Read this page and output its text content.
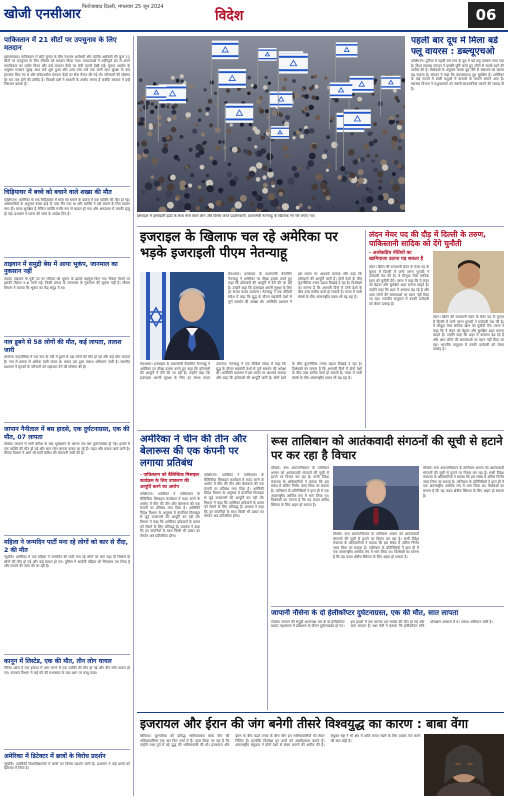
खोजी एनसीआर फिरोजाबाद दिल्ली, मंगलवार 25 जून 2024
विदेश	06
पाकिस्तान में 21 सीटों पर उपचुनाव के लिए मतदान
इस्लामाबाद। पाकिस्तान में छोटे चुनाव के बीच नेशनल असेंबली और प्रांतीय असेंबली की कुल 21 सीटों पर उपचुनाव के लिए रविवार को मतदान किया गया। मतदाताओं ने शांतिपूर्ण ढंग से अपने मताधिकार का प्रयोग किया और कई मतदान केंद्रों पर लंबी कतारें देखी गईं। चुनाव आयोग के अनुसार मतदान सुबह आठ बजे शुरू हुआ और शाम पांच बजे तक जारी रहा। सुरक्षा के कड़े इंतजाम किए गए थे और संवेदनशील मतदान केंद्रों पर सेना तैनात की गई थी। परिणामों की घोषणा देर रात तक होने की उम्मीद है। विपक्षी दलों ने धांधली के आरोप लगाए हैं जबकि सरकार ने इन्हें निराधार बताया है।
चिड़ियाघर में बच्चे को बचाने वाले शख्स की मौत
वाशिंगटन। अमेरिका के एक चिड़ियाघर में बच्चे को बचाने के प्रयास में एक व्यक्ति की मौत हो गई। अधिकारियों के अनुसार बच्चा बाड़े के पास गिर गया था और व्यक्ति ने उसे बचाने के लिए छलांग लगा दी। बच्चा सुरक्षित है लेकिन व्यक्ति गंभीर रूप से घायल हो गया और अस्पताल में उसकी मृत्यु हो गई। प्रशासन ने घटना की जांच के आदेश दिए हैं।
ताइवान में समुद्री बेस में आया भूकंप, जानमाल का नुकसान नहीं
ताइपे। ताइवान के पूर्वी तट पर रविवार को भूकंप के झटके महसूस किए गए। रिक्टर पैमाने पर इसकी तीव्रता 5.8 मापी गई। किसी प्रकार के जानमाल के नुकसान की सूचना नहीं है। मौसम विभाग ने बताया कि भूकंप का केंद्र समुद्र में था।
नाव डूबने से 58 लोगों की मौत, कई लापता, तलाश जारी
लागोस। नाइजीरिया में एक नाव के नदी में डूबने से 58 लोगों की मौत हो गई और कई लोग लापता हैं। नाव में क्षमता से अधिक यात्री सवार थे। बचाव दल द्वारा तलाश अभियान जारी है। स्थानीय प्रशासन ने मृतकों के परिजनों को सहायता देने की घोषणा की है।
जापान नैनीताल में बस हादसे, एक दुर्घटनाग्रस्त, एक की मौत, 07 लापता
टोक्यो। जापान में भारी बारिश के बाद भूस्खलन के कारण एक बस दुर्घटनाग्रस्त हो गई। हादसे में एक व्यक्ति की मौत हो गई और सात लोग लापता बताए जा रहे हैं। राहत और बचाव कार्य जारी है। मौसम विभाग ने आगे भी भारी बारिश की चेतावनी जारी की है।
महिला ने जन्मदिन पार्टी मना रहे लोगों को कार से रौंदा, 2 की मौत
न्यूयॉर्क। अमेरिका में एक महिला ने जन्मदिन की पार्टी मना रहे लोगों पर कार चढ़ा दी जिससे दो लोगों की मौत हो गई और कई घायल हो गए। पुलिस ने आरोपी महिला को गिरफ्तार कर लिया है और मामले की जांच की जा रही है।
कानून में लिस्टेड, एक की मौत, तीन लोग घायल
पेरिस। फ्रांस में एक इमारत में आग लगने से एक व्यक्ति की मौत हो गई और तीन लोग घायल हो गए। दमकल विभाग ने कई घंटे की मशक्कत के बाद आग पर काबू पाया।
अमेरिका में डिटेक्टर में छात्रों के विरोध प्रदर्शन
न्यूयॉर्क। अमेरिकी विश्वविद्यालयों में छात्रों का विरोध प्रदर्शन जारी है। प्रशासन ने कई छात्रों को हिरासत में लिया है।
इसराइल में इसराइली झंडों के साथ मार्च करते लोग और विरोध करते प्रदर्शनकारी, प्रधानमंत्री नेतन्याहू के खिलाफ भी नारे लगाए गए।
पहली बार दूध में मिला बर्ड फ्लू वायरस : डब्ल्यूएचओ
वाशिंगटन। दुनिया में पहली बार गाय के दूध में बर्ड फ्लू वायरस पाया गया है। विश्व स्वास्थ्य संगठन ने इसकी पुष्टि करते हुए लोगों से सतर्क रहने की अपील की है। विशेषज्ञों के अनुसार कच्चा दूध पीने से संक्रमण का खतरा बढ़ सकता है। संगठन ने कहा कि पाश्चराइज्ड दूध सुरक्षित है। अमेरिका के कई राज्यों में डेयरी पशुओं में वायरस के मामले सामने आए हैं। स्वास्थ्य विभाग ने पशुपालकों को जरूरी सावधानियां बरतने की सलाह दी है।
इजराइल के खिलाफ चल रहे अमेरिका पर भड़के इजराइली पीएम नेतन्याहू
येरुशलम। इजराइल के प्रधानमंत्री बेंजामिन नेतन्याहू ने अमेरिका पर तीखा हमला करते हुए कहा कि हथियारों की आपूर्ति में देरी की जा रही है। उन्होंने कहा कि इजराइल अपनी सुरक्षा के लिए हर संभव कदम उठाएगा। नेतन्याहू ने एक वीडियो संदेश में कहा कि युद्ध के दौरान सहयोगी देशों से पूर्ण समर्थन की अपेक्षा थी। अमेरिकी प्रशासन ने इस बयान पर आश्चर्य जताया और कहा कि हथियारों की आपूर्ति जारी है। दोनों देशों के बीच कूटनीतिक तनाव बढ़ता दिखाई दे रहा है। विशेषज्ञों का मानना है कि आगामी दिनों में दोनों देशों के बीच उच्च स्तरीय वार्ता हो सकती है। गाजा में जारी संघर्ष के बीच अंतरराष्ट्रीय दबाव भी बढ़ रहा है।
येरुशलम। इजराइल के प्रधानमंत्री बेंजामिन नेतन्याहू ने अमेरिका पर तीखा हमला करते हुए कहा कि हथियारों की आपूर्ति में देरी की जा रही है। उन्होंने कहा कि इजराइल अपनी सुरक्षा के लिए हर संभव कदम उठाएगा। नेतन्याहू ने एक वीडियो संदेश में कहा कि युद्ध के दौरान सहयोगी देशों से पूर्ण समर्थन की अपेक्षा थी। अमेरिकी प्रशासन ने इस बयान पर आश्चर्य जताया और कहा कि हथियारों की आपूर्ति जारी है। दोनों देशों के बीच कूटनीतिक तनाव बढ़ता दिखाई दे रहा है। विशेषज्ञों का मानना है कि आगामी दिनों में दोनों देशों के बीच उच्च स्तरीय वार्ता हो सकती है। गाजा में जारी संघर्ष के बीच अंतरराष्ट्रीय दबाव भी बढ़ रहा है।
लंदन मेयर पद की दौड़ में दिल्ली के तरुण, पाकिस्तानी सादिक को देंगे चुनौती
- अलोकप्रिय नीतियों का खामियाजा उठाना पड़ सकता है
लंदन। ब्रिटेन की राजधानी लंदन के मेयर पद के चुनाव में दिल्ली में जन्मे तरुण गुलाटी ने दावेदारी पेश की है। वे मौजूदा मेयर सादिक खान को चुनौती देंगे। तरुण ने कहा कि वे लंदन को बेहतर और सुरक्षित शहर बनाना चाहते हैं। उन्होंने कहा कि शहर में अपराध बढ़ रहे हैं और आम लोगों की समस्याओं पर ध्यान नहीं दिया जा रहा। भारतीय समुदाय में उनकी दावेदारी को लेकर उत्साह है।
लंदन। ब्रिटेन की राजधानी लंदन के मेयर पद के चुनाव में दिल्ली में जन्मे तरुण गुलाटी ने दावेदारी पेश की है। वे मौजूदा मेयर सादिक खान को चुनौती देंगे। तरुण ने कहा कि वे लंदन को बेहतर और सुरक्षित शहर बनाना चाहते हैं। उन्होंने कहा कि शहर में अपराध बढ़ रहे हैं और आम लोगों की समस्याओं पर ध्यान नहीं दिया जा रहा। भारतीय समुदाय में उनकी दावेदारी को लेकर उत्साह है।
अमेरिका ने चीन की तीन और बेलारूस की एक कंपनी पर लगाया प्रतिबंध
- पाकिस्तान को बैलिस्टिक मिसाइल कार्यक्रम के लिए उपकरण की आपूर्ति करने का आरोप
वाशिंगटन। अमेरिका ने पाकिस्तान के बैलिस्टिक मिसाइल कार्यक्रम में मदद करने के आरोप में चीन की तीन और बेलारूस की एक कंपनी पर प्रतिबंध लगा दिया है। अमेरिकी विदेश विभाग के अनुसार ये कंपनियां मिसाइल से जुड़े उपकरणों की आपूर्ति कर रही थीं। विभाग ने कहा कि अमेरिका हथियारों के प्रसार को रोकने के लिए प्रतिबद्ध है। प्रवक्ता ने कहा कि इन कंपनियों के साथ किसी भी प्रकार का लेनदेन अब प्रतिबंधित होगा।
वाशिंगटन। अमेरिका ने पाकिस्तान के बैलिस्टिक मिसाइल कार्यक्रम में मदद करने के आरोप में चीन की तीन और बेलारूस की एक कंपनी पर प्रतिबंध लगा दिया है। अमेरिकी विदेश विभाग के अनुसार ये कंपनियां मिसाइल से जुड़े उपकरणों की आपूर्ति कर रही थीं। विभाग ने कहा कि अमेरिका हथियारों के प्रसार को रोकने के लिए प्रतिबद्ध है। प्रवक्ता ने कहा कि इन कंपनियों के साथ किसी भी प्रकार का लेनदेन अब प्रतिबंधित होगा।
रूस तालिबान को आतंकवादी संगठनों की सूची से हटाने पर कर रहा है विचार
मॉस्को। रूस अफगानिस्तान के तालिबान शासन को आतंकवादी संगठनों की सूची से हटाने पर विचार कर रहा है। रूसी विदेश मंत्रालय के अधिकारियों ने बताया कि इस संबंध में अंतिम निर्णय जल्द लिया जा सकता है। तालिबान के प्रतिनिधियों ने हाल ही में एक अंतरराष्ट्रीय आर्थिक मंच में भाग लिया था। विशेषज्ञों का मानना है कि यह कदम क्षेत्रीय स्थिरता के लिए अहम हो सकता है।
मॉस्को। रूस अफगानिस्तान के तालिबान शासन को आतंकवादी संगठनों की सूची से हटाने पर विचार कर रहा है। रूसी विदेश मंत्रालय के अधिकारियों ने बताया कि इस संबंध में अंतिम निर्णय जल्द लिया जा सकता है। तालिबान के प्रतिनिधियों ने हाल ही में एक अंतरराष्ट्रीय आर्थिक मंच में भाग लिया था। विशेषज्ञों का मानना है कि यह कदम क्षेत्रीय स्थिरता के लिए अहम हो सकता है।
मॉस्को। रूस अफगानिस्तान के तालिबान शासन को आतंकवादी संगठनों की सूची से हटाने पर विचार कर रहा है। रूसी विदेश मंत्रालय के अधिकारियों ने बताया कि इस संबंध में अंतिम निर्णय जल्द लिया जा सकता है। तालिबान के प्रतिनिधियों ने हाल ही में एक अंतरराष्ट्रीय आर्थिक मंच में भाग लिया था। विशेषज्ञों का मानना है कि यह कदम क्षेत्रीय स्थिरता के लिए अहम हो सकता है।
जापानी नौसेना के दो हेलीकॉप्टर दुर्घटनाग्रस्त, एक की मौत, सात लापता
टोक्यो। जापान की समुद्री आत्मरक्षा बल के दो हेलीकॉप्टर प्रशांत महासागर में प्रशिक्षण के दौरान दुर्घटनाग्रस्त हो गए। इस हादसे में एक चालक दल सदस्य की मौत हो गई और सात लापता हैं। रक्षा मंत्री ने बताया कि हेलीकॉप्टर रात्रि प्रशिक्षण अभ्यास में थे। तलाश अभियान जारी है।
इजरायल और ईरान की जंग बनेगी तीसरे विश्वयुद्ध का कारण : बाबा वेंगा
सोफिया। बुल्गारिया की प्रसिद्ध भविष्यवक्ता बाबा वेंगा की भविष्यवाणियां एक बार फिर चर्चा में हैं। दावा किया जा रहा है कि उन्होंने मध्य पूर्व में बड़े युद्ध की भविष्यवाणी की थी। इजरायल और ईरान के बीच बढ़ते तनाव के बीच लोग इन भविष्यवाणियों को लेकर चिंतित हैं। हालांकि विशेषज्ञ इन दावों को अंधविश्वास बताते हैं। अंतरराष्ट्रीय समुदाय ने दोनों देशों से संयम बरतने की अपील की है। संयुक्त राष्ट्र ने भी क्षेत्र में शांति बनाए रखने के लिए प्रयास तेज करने की बात कही है।
